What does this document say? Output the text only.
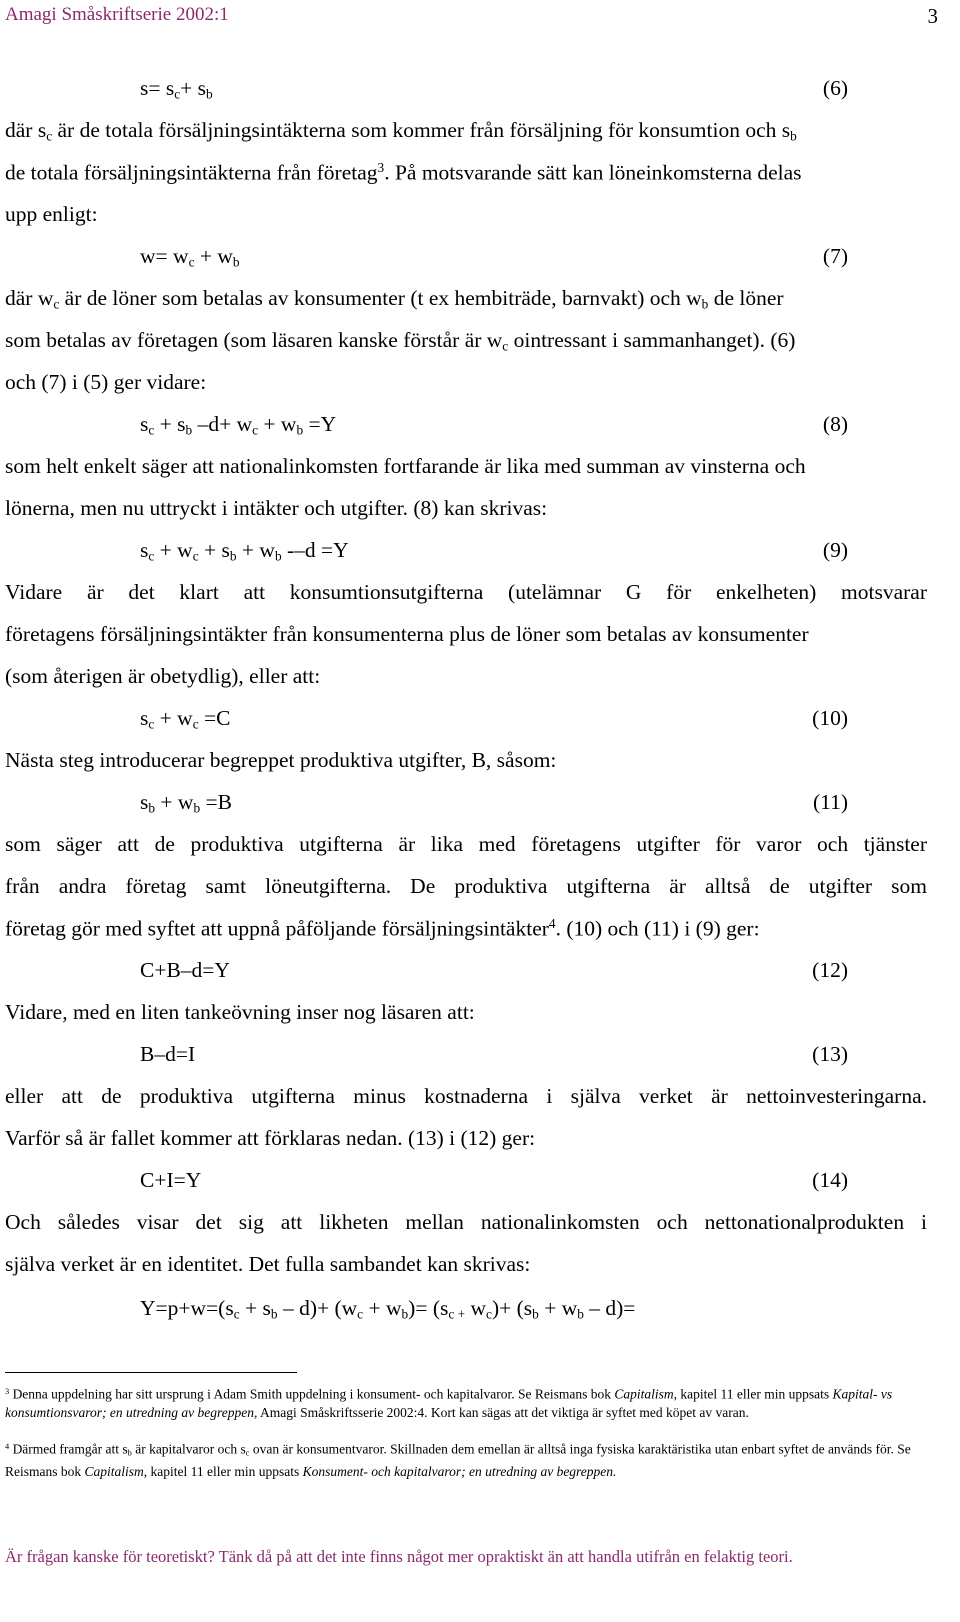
Amagi Småskriftserie 2002:1	3
$s= s_c+ s_b$	(6)
där $s_c$ är de totala försäljningsintäkterna som kommer från försäljning för konsumtion och $s_b$
de totala försäljningsintäkterna från företag$^3$. På motsvarande sätt kan löneinkomsterna delas
upp enligt:
$w= w_c + w_b$	(7)
där $w_c$ är de löner som betalas av konsumenter (t ex hembiträde, barnvakt) och $w_b$ de löner
som betalas av företagen (som läsaren kanske förstår är $w_c$ ointressant i sammanhanget). (6)
och (7) i (5) ger vidare:
$s_c + s_b$ $-d+ w_c + w_b =Y$	(8)
som helt enkelt säger att nationalinkomsten fortfarande är lika med summan av vinsterna och
lönerna, men nu uttryckt i intäkter och utgifter. (8) kan skrivas:
$s_c + w_c + s_b + w_b$ -–d =Y	(9)
Vidare är det klart att konsumtionsutgifterna (utelämnar G för enkelheten) motsvarar
företagens försäljningsintäkter från konsumenterna plus de löner som betalas av konsumenter
(som återigen är obetydlig), eller att:
$s_c + w_c =C$	(10)
Nästa steg introducerar begreppet produktiva utgifter, B, såsom:
$s_b + w_b =B$	(11)
som säger att de produktiva utgifterna är lika med företagens utgifter för varor och tjänster
från andra företag samt löneutgifterna. De produktiva utgifterna är alltså de utgifter som
företag gör med syftet att uppnå påföljande försäljningsintäkter$^4$. (10) och (11) i (9) ger:
C+B–d=Y	(12)
Vidare, med en liten tankeövning inser nog läsaren att:
B–d=I	(13)
eller att de produktiva utgifterna minus kostnaderna i själva verket är nettoinvesteringarna.
Varför så är fallet kommer att förklaras nedan. (13) i (12) ger:
C+I=Y	(14)
Och således visar det sig att likheten mellan nationalinkomsten och nettonationalprodukten i
själva verket är en identitet. Det fulla sambandet kan skrivas:
$Y=p+w=(s_c + s_b - d)+ (w_c + w_b)= (s_{c +}$ $w_c)+ (s_b + w_b - d)=$
$^3$ Denna uppdelning har sitt ursprung i Adam Smith uppdelning i konsument- och kapitalvaror. Se Reismans bok Capitalism, kapitel 11 eller min uppsats Kapital- vs konsumtionsvaror; en utredning av begreppen, Amagi Småskriftsserie 2002:4. Kort kan sägas att det viktiga är syftet med köpet av varan.
$^4$ Därmed framgår att $s_b$ är kapitalvaror och $s_c$ ovan är konsumentvaror. Skillnaden dem emellan är alltså inga fysiska karaktäristika utan enbart syftet de används för. Se Reismans bok Capitalism, kapitel 11 eller min uppsats Konsument- och kapitalvaror; en utredning av begreppen.
Är frågan kanske för teoretiskt? Tänk då på att det inte finns något mer opraktiskt än att handla utifrån en felaktig teori.
